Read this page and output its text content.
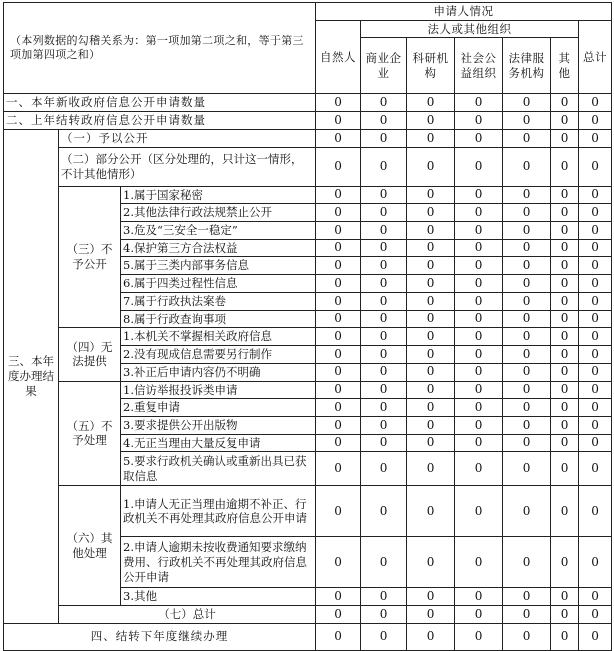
（本列数据的勾稽关系为：第一项加第二项之和，等于第三项加第四项之和）			申请人情况						
			自然人	法人或其他组织					总计
				商业企业	科研机构	社会公益组织	法律服务机构	其他	
一、本年新收政府信息公开申请数量			0	0	0	0	0	0	0
二、上年结转政府信息公开申请数量			0	0	0	0	0	0	0
三、本年度办理结果	（一）予以公开		0	0	0	0	0	0	0
	（二）部分公开（区分处理的，只计这一情形，不计其他情形）		0	0	0	0	0	0	0
	（三）不予公开	1.属于国家秘密	0	0	0	0	0	0	0
		2.其他法律行政法规禁止公开	0	0	0	0	0	0	0
		3.危及“三安全一稳定”	0	0	0	0	0	0	0
		4.保护第三方合法权益	0	0	0	0	0	0	0
		5.属于三类内部事务信息	0	0	0	0	0	0	0
		6.属于四类过程性信息	0	0	0	0	0	0	0
		7.属于行政执法案卷	0	0	0	0	0	0	0
		8.属于行政查询事项	0	0	0	0	0	0	0
	（四）无法提供	1.本机关不掌握相关政府信息	0	0	0	0	0	0	0
		2.没有现成信息需要另行制作	0	0	0	0	0	0	0
		3.补正后申请内容仍不明确	0	0	0	0	0	0	0
	（五）不予处理	1.信访举报投诉类申请	0	0	0	0	0	0	0
		2.重复申请	0	0	0	0	0	0	0
		3.要求提供公开出版物	0	0	0	0	0	0	0
		4.无正当理由大量反复申请	0	0	0	0	0	0	0
		5.要求行政机关确认或重新出具已获取信息	0	0	0	0	0	0	0
	（六）其他处理	1.申请人无正当理由逾期不补正、行政机关不再处理其政府信息公开申请	0	0	0	0	0	0	0
		2.申请人逾期未按收费通知要求缴纳费用、行政机关不再处理其政府信息公开申请	0	0	0	0	0	0	0
		3.其他	0	0	0	0	0	0	0
	（七）总计		0	0	0	0	0	0	0
四、结转下年度继续办理			0	0	0	0	0	0	0
